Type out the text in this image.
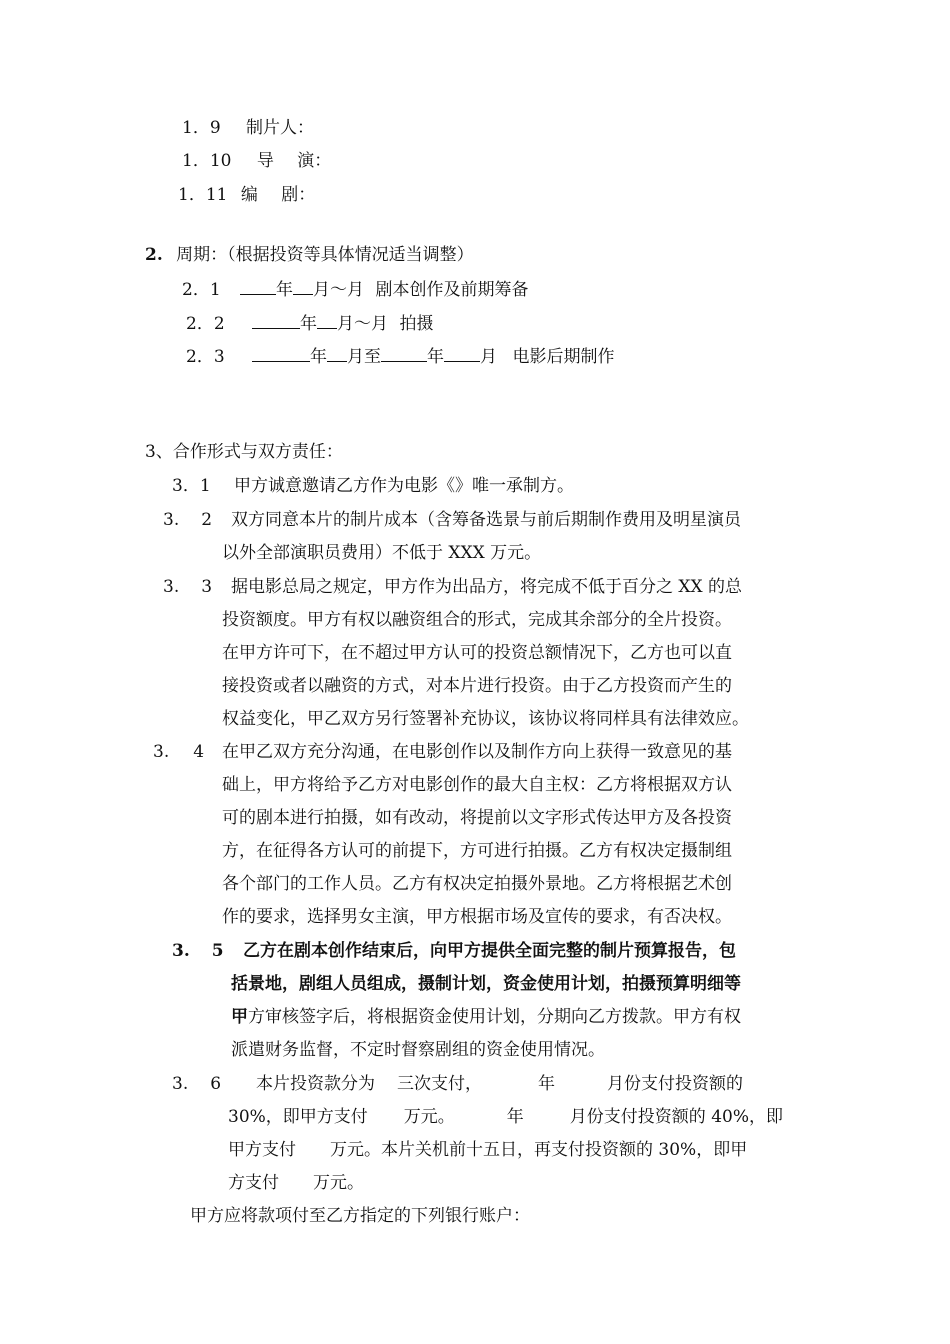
1．9 制片人：
1．10 导 演：
1．11 编 剧：
2. 周期：（根据投资等具体情况适当调整）
2．1	年 月～月 剧本创作及前期筹备
2．2	年 月～月 拍摄
2．3	年 月至	年 月 电影后期制作
3、合作形式与双方责任：
3．1 甲方诚意邀请乙方作为电影《》唯一承制方。
3. 2 双方同意本片的制片成本（含筹备选景与前后期制作费用及明星演员
以外全部演职员费用）不低于 XXX 万元。
3. 3 据电影总局之规定，甲方作为出品方，将完成不低于百分之 XX 的总
投资额度。甲方有权以融资组合的形式，完成其余部分的全片投资。
在甲方许可下，在不超过甲方认可的投资总额情况下，乙方也可以直
接投资或者以融资的方式，对本片进行投资。由于乙方投资而产生的
权益变化，甲乙双方另行签署补充协议，该协议将同样具有法律效应。
3. 4 在甲乙双方充分沟通，在电影创作以及制作方向上获得一致意见的基
础上，甲方将给予乙方对电影创作的最大自主权：乙方将根据双方认
可的剧本进行拍摄，如有改动，将提前以文字形式传达甲方及各投资
方，在征得各方认可的前提下，方可进行拍摄。乙方有权决定摄制组
各个部门的工作人员。乙方有权决定拍摄外景地。乙方将根据艺术创
作的要求，选择男女主演，甲方根据市场及宣传的要求，有否决权。
3. 5 乙方在剧本创作结束后，向甲方提供全面完整的制片预算报告，包
括景地，剧组人员组成，摄制计划，资金使用计划，拍摄预算明细等
甲方审核签字后，将根据资金使用计划，分期向乙方拨款。甲方有权
派遣财务监督，不定时督察剧组的资金使用情况。
3. 6 本片投资款分为 三次支付，	年	月份支付投资额的
30%，即甲方支付 万元。	年	月份支付投资额的 40%，即
甲方支付 万元。本片关机前十五日，再支付投资额的 30%，即甲
方支付 万元。
甲方应将款项付至乙方指定的下列银行账户：
